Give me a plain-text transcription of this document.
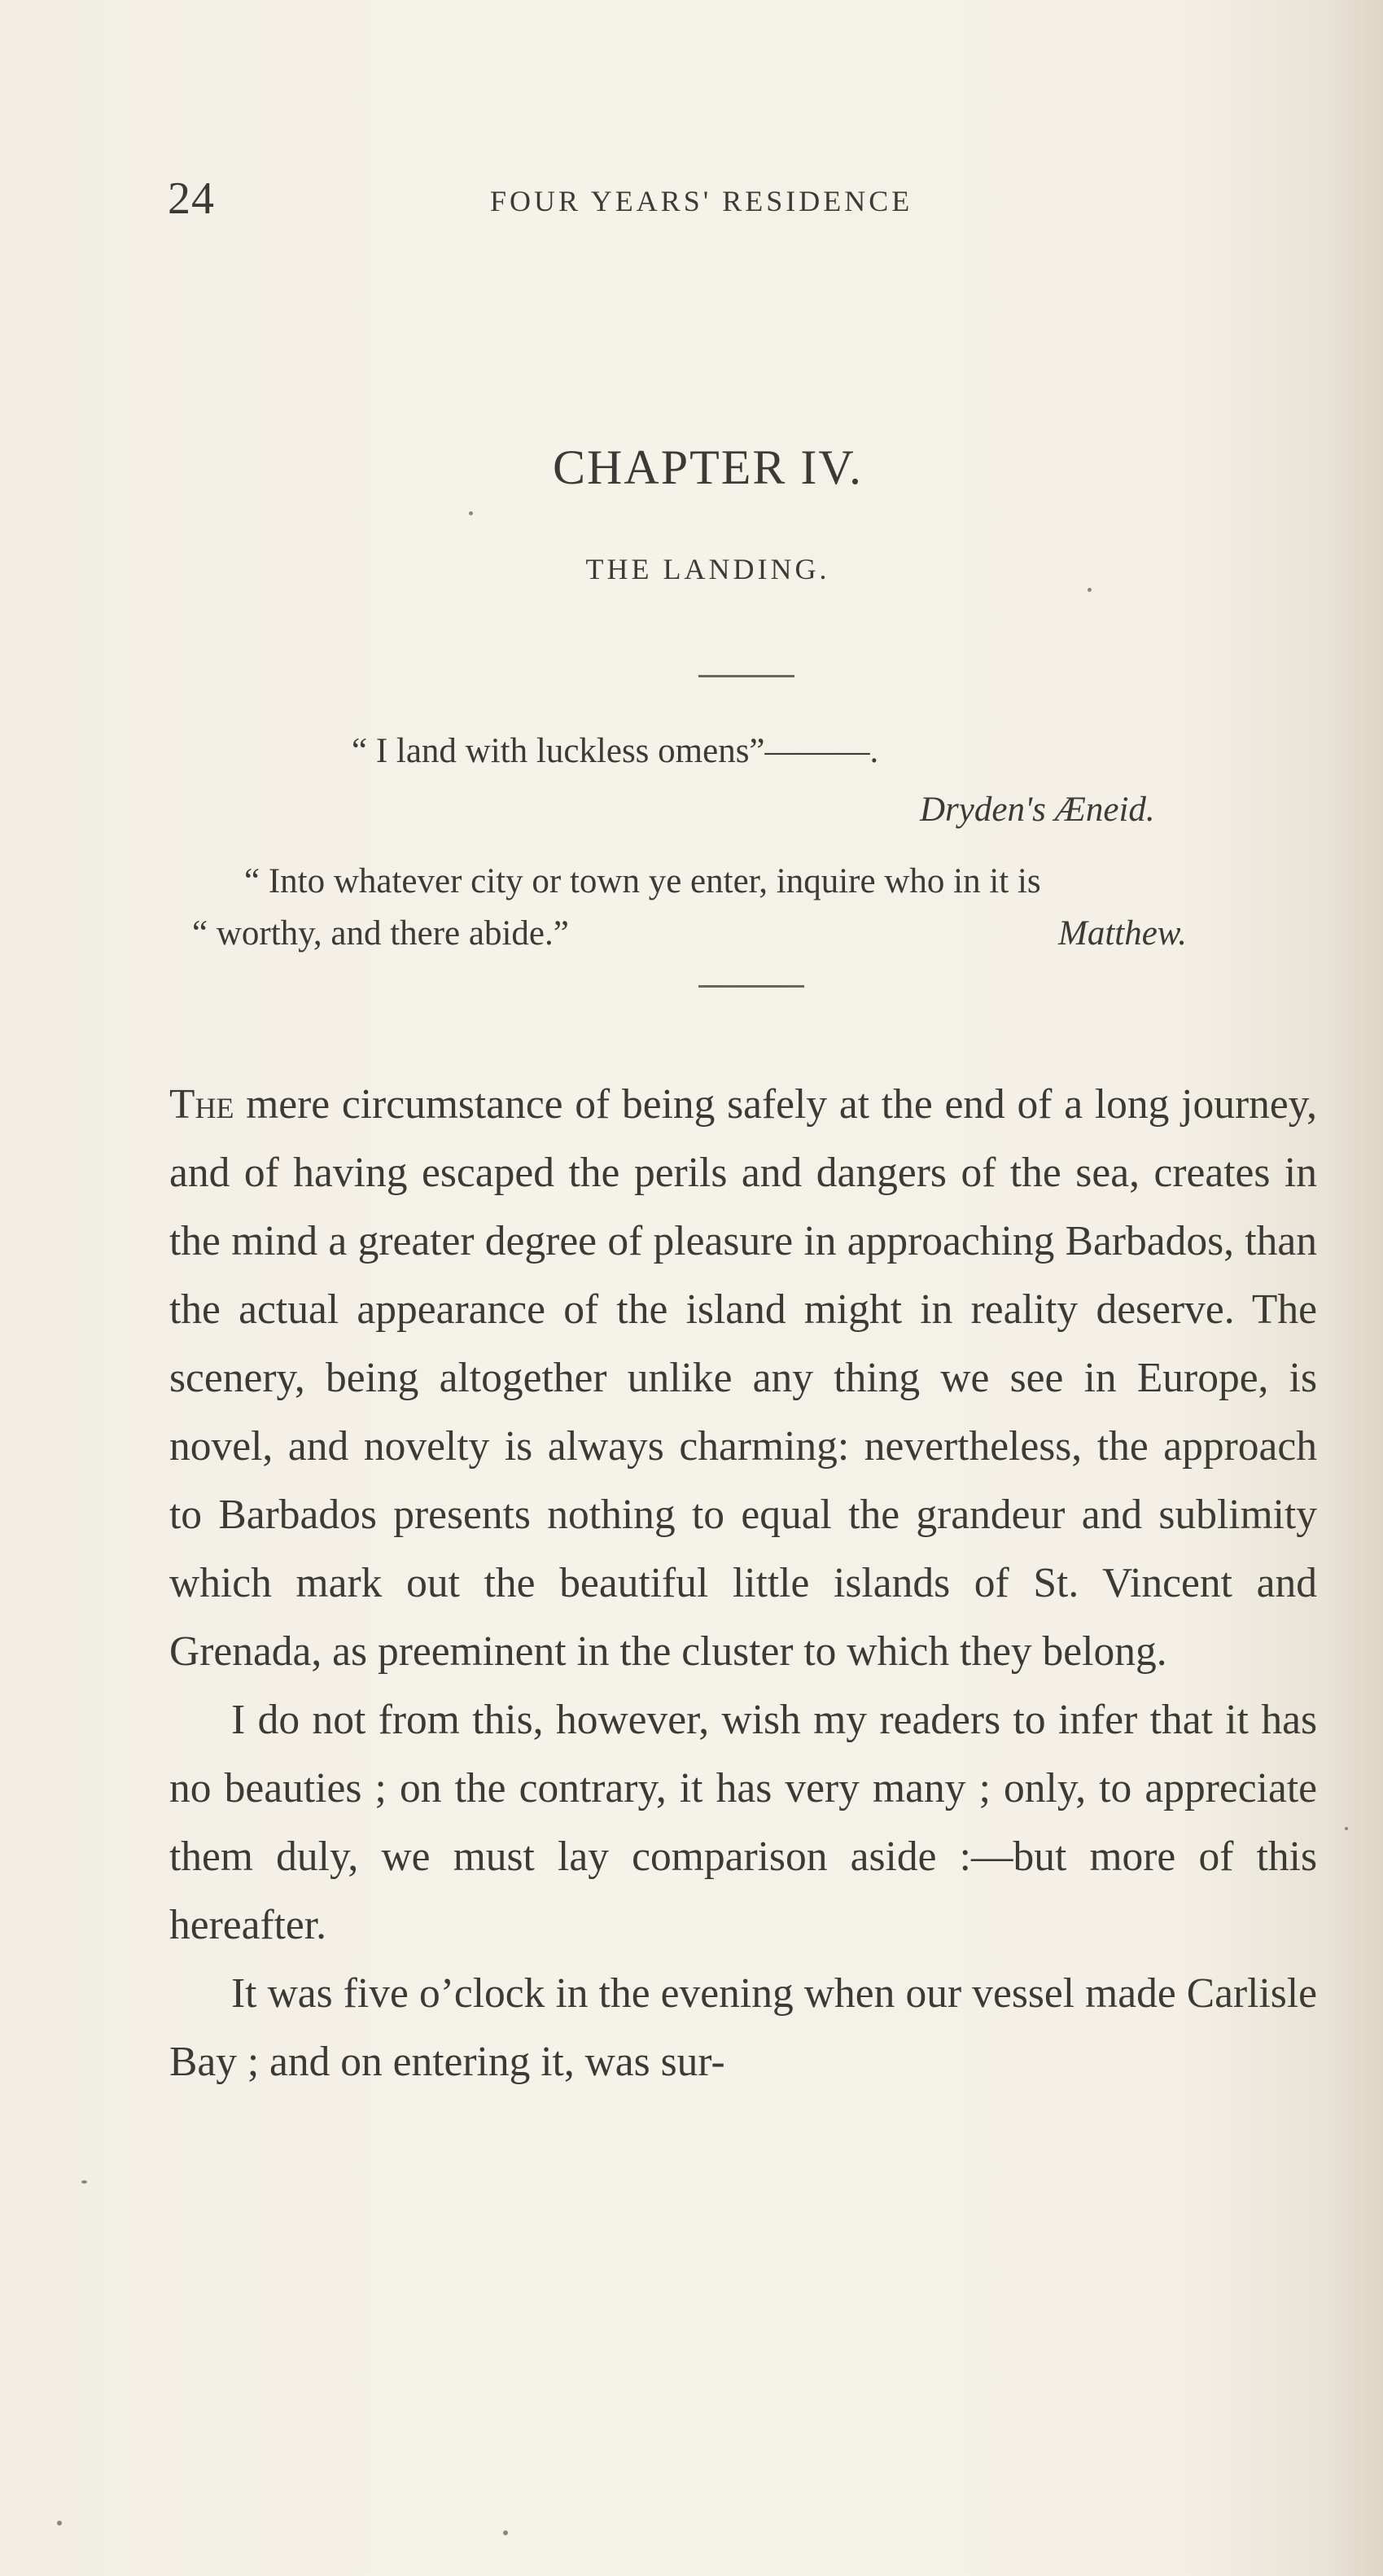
24	FOUR YEARS' RESIDENCE
CHAPTER IV.
THE LANDING.
“ I land with luckless omens”———.
Dryden's Æneid.
“ Into whatever city or town ye enter, inquire who in it is
“ worthy, and there abide.”	Matthew.

The mere circumstance of being safely at the end of a long journey, and of having escaped the perils and dangers of the sea, creates in the mind a greater degree of pleasure in approaching Barbados, than the actual appearance of the island might in reality deserve. The scenery, being altogether unlike any thing we see in Europe, is novel, and novelty is always charming: nevertheless, the approach to Barbados presents nothing to equal the grandeur and sublimity which mark out the beautiful little islands of St. Vincent and Grenada, as preeminent in the cluster to which they belong.

I do not from this, however, wish my readers to infer that it has no beauties ; on the contrary, it has very many ; only, to appreciate them duly, we must lay comparison aside :—but more of this hereafter.

It was five o’clock in the evening when our vessel made Carlisle Bay ; and on entering it, was sur-
